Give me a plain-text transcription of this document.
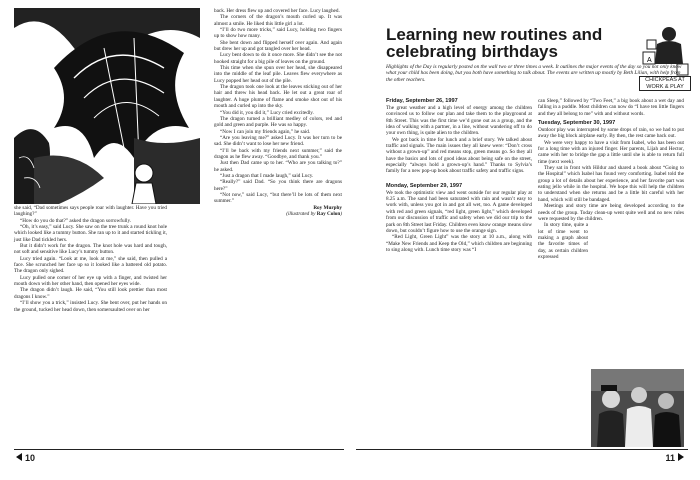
she said, “Dad sometimes says people roar with laughter. Have you tried laughing?”

“How do you do that?” asked the dragon sorrowfully.

“Oh, it’s easy,” said Lucy. She saw on the tree trunk a round knot hole which looked like a tummy button. She ran up to it and started tickling it, just like Dad tickled hers.

But it didn’t work for the dragon. The knot hole was hard and tough, not soft and sensitive like Lucy’s tummy button.

Lucy tried again. “Look at me, look at me,” she said, then pulled a face. She scrunched her face up so it looked like a battered old potato. The dragon only sighed.

Lucy pulled one corner of her eye up with a finger, and twisted her mouth down with her other hand, then opened her eyes wide.

The dragon didn’t laugh. He said, “You still look prettier than most dragons I know.”

“I’ll show you a trick,” insisted Lucy. She bent over, put her hands on the ground, tucked her head down, then somersaulted over on her

back. Her dress flew up and covered her face. Lucy laughed.

The corners of the dragon’s mouth curled up. It was almost a smile. He liked this little girl a lot.

“I’ll do two more tricks,” said Lucy, holding two fingers up to show how many.

She bent down and flipped herself over again. And again but drew her up and got tangled over her head.

Lucy bent down to do it once more. She didn’t see the not hooked straight for a big pile of leaves on the ground.

This time when she spun over her head, she disappeared into the middle of the leaf pile. Leaves flew everywhere as Lucy popped her head out of the pile.

The dragon took one look at the leaves sticking out of her hair and threw his head back. He let out a great roar of laughter. A huge plume of flame and smoke shot out of his mouth and curled up into the sky.

“You did it, you did it,” Lucy cried excitedly.

The dragon turned a brilliant medley of colors, red and gold and green and purple. He was so happy.

“Now I can join my friends again,” he said.

“Are you leaving me?” asked Lucy. It was her turn to be sad. She didn’t want to lose her new friend.

“I’ll be back with my friends next summer,” said the dragon as he flew away. “Goodbye, and thank you.”

Just then Dad came up to her. “Who are you talking to?” he asked.

“Just a dragon that I made laugh,” said Lucy.

“Really?” said Dad. “So you think there are dragons here?”

“Not now,” said Lucy, “but there’ll be lots of them next summer.”

Roy Murphy

(illustrated by Ray Colon)

10
Learning new routines and celebrating birthdays	A
CHICKPEAS AT WORK & PLAY

Highlights of the Day is regularly posted on the wall two or three times a week. It outlines the major events of the day so you not only know what your child has been doing, but you both have something to talk about. The events are written up mostly by Beth Lilian, with help from the other teachers.

Friday, September 26, 1997

The great weather and a high level of energy among the children convinced us to follow our plan and take them to the playground at 8th Street. This was the first time we’d gone out as a group, and the idea of walking with a partner, in a line, without wandering off to do your own thing, is quite alien to the children.

We got back in time for lunch and a brief story. We talked about traffic and signals. The main issues they all knew were: “Don’t cross without a grown-up” and red means stop, green means go. So they all have the basics and lots of good ideas about being safe on the street, especially “always hold a grown-up’s hand.” Thanks to Sylvia’s family for a new pop-up book about traffic safety and traffic signs.

Monday, September 29, 1997

We took the optimistic view and went outside for our regular play at 8.25 a.m. The sand had been saturated with rain and wasn’t easy to work with, unless you got in and got all wet, too. A game developed with red and green signals, “red light, green light,” which developed from our discussion of traffic and safety when we did our trip to the park on 8th Street last Friday. Children even know orange means slow down, but couldn’t figure how to use the orange sign.

“Red Light, Green Light” was the story at 10 a.m., along with “Make New Friends and Keep the Old,” which children are beginning to sing along with. Lunch time story was “I

can Sleep,” followed by “Two Feet,” a big book about a wet day and falling in a puddle. Most children can now do “I have ten little fingers and they all belong to me” with and without words.

Tuesday, September 30, 1997

Outdoor play was interrupted by some drops of rain, so we had to put away the big block airplane early. By then, the rest came back out.

We were very happy to have a visit from Isabel, who has been out for a long time with an injured finger. Her parents, Lijah and Hector, came with her to bridge the gap a little until she is able to return full time (next week).

They sat in front with Hildur and shared a book about “Going to the Hospital” which Isabel has found very comforting. Isabel told the group a lot of details about her experience, and her favorite part was eating jello while in the hospital. We hope this will help the children to understand when she returns and be a little bit careful with her hand, which will still be bandaged.

Meetings and story time are being developed according to the needs of the group. Today clean-up went quite well and no new rules were requested by the children.

In story time, quite a lot of time went to making a graph about the favorite times of day, as certain children expressed

11
